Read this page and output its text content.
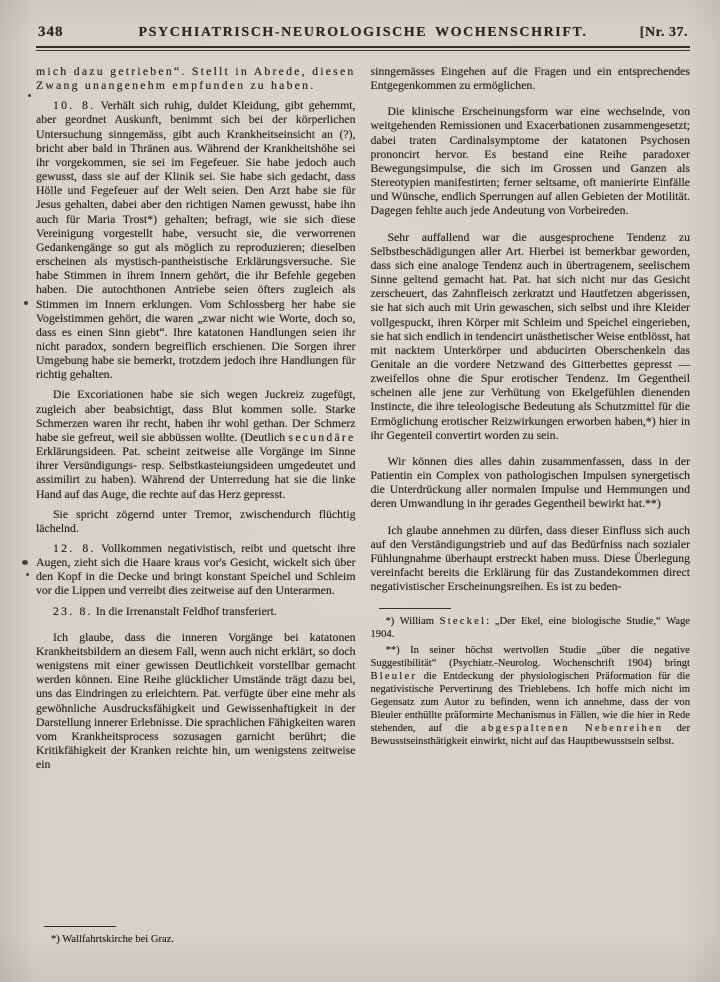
348	PSYCHIATRISCH-NEUROLOGISCHE WOCHENSCHRIFT.	[Nr. 37.

mich dazu getrieben“. Stellt in Abrede, diesen Zwang unangenehm empfunden zu haben.

10. 8. Verhält sich ruhig, duldet Kleidung, gibt gehemmt, aber geordnet Auskunft, benimmt sich bei der körperlichen Untersuchung sinngemäss, gibt auch Krankheitseinsicht an (?), bricht aber bald in Thränen aus. Während der Krankheitshöhe sei ihr vorgekommen, sie sei im Fegefeuer. Sie habe jedoch auch gewusst, dass sie auf der Klinik sei. Sie habe sich gedacht, dass Hölle und Fegefeuer auf der Welt seien. Den Arzt habe sie für Jesus gehalten, dabei aber den richtigen Namen gewusst, habe ihn auch für Maria Trost*) gehalten; befragt, wie sie sich diese Vereinigung vorgestellt habe, versucht sie, die verworrenen Gedankengänge so gut als möglich zu reproduzieren; dieselben erscheinen als mystisch-pantheistische Erklärungsversuche. Sie habe Stimmen in ihrem Innern gehört, die ihr Befehle gegeben haben. Die autochthonen Antriebe seien öfters zugleich als Stimmen im Innern erklungen. Vom Schlossberg her habe sie Vogelstimmen gehört, die waren „zwar nicht wie Worte, doch so, dass es einen Sinn giebt“. Ihre katatonen Handlungen seien ihr nicht paradox, sondern begreiflich erschienen. Die Sorgen ihrer Umgebung habe sie bemerkt, trotzdem jedoch ihre Handlungen für richtig gehalten.

Die Excoriationen habe sie sich wegen Juckreiz zugefügt, zugleich aber beabsichtigt, dass Blut kommen solle. Starke Schmerzen waren ihr recht, haben ihr wohl gethan. Der Schmerz habe sie gefreut, weil sie abbüssen wollte. (Deutlich secundäre Erklärungsideen. Pat. scheint zeitweise alle Vorgänge im Sinne ihrer Versündigungs- resp. Selbstkasteiungsideen umgedeutet und assimilirt zu haben). Während der Unterredung hat sie die linke Hand auf das Auge, die rechte auf das Herz gepresst.

Sie spricht zögernd unter Tremor, zwischendurch flüchtig lächelnd.

12. 8. Vollkommen negativistisch, reibt und quetscht ihre Augen, zieht sich die Haare kraus vor's Gesicht, wickelt sich über den Kopf in die Decke und bringt konstant Speichel und Schleim vor die Lippen und verreibt dies zeitweise auf den Unterarmen.

23. 8. In die Irrenanstalt Feldhof transferiert.

Ich glaube, dass die inneren Vorgänge bei katatonen Krankheitsbildern an diesem Fall, wenn auch nicht erklärt, so doch wenigstens mit einer gewissen Deutlichkeit vorstellbar gemacht werden können. Eine Reihe glücklicher Umstände trägt dazu bei, uns das Eindringen zu erleichtern. Pat. verfügte über eine mehr als gewöhnliche Ausdrucksfähigkeit und Gewissenhaftigkeit in der Darstellung innerer Erlebnisse. Die sprachlichen Fähigkeiten waren vom Krankheitsprocess sozusagen garnicht berührt; die Kritikfähigkeit der Kranken reichte hin, um wenigstens zeitweise ein

*) Wallfahrtskirche bei Graz.

sinngemässes Eingehen auf die Fragen und ein entsprechendes Entgegenkommen zu ermöglichen.

Die klinische Erscheinungsform war eine wechselnde, von weitgehenden Remissionen und Exacerbationen zusammengesetzt; dabei traten Cardinalsymptome der katatonen Psychosen prononcirt hervor. Es bestand eine Reihe paradoxer Bewegungsimpulse, die sich im Grossen und Ganzen als Stereotypien manifestirten; ferner seltsame, oft manierirte Einfälle und Wünsche, endlich Sperrungen auf allen Gebieten der Motilität. Dagegen fehlte auch jede Andeutung von Vorbeireden.

Sehr auffallend war die ausgesprochene Tendenz zu Selbstbeschädigungen aller Art. Hierbei ist bemerkbar geworden, dass sich eine analoge Tendenz auch in übertragenem, seelischem Sinne geltend gemacht hat. Pat. hat sich nicht nur das Gesicht zerscheuert, das Zahnfleisch zerkratzt und Hautfetzen abgerissen, sie hat sich auch mit Urin gewaschen, sich selbst und ihre Kleider vollgespuckt, ihren Körper mit Schleim und Speichel eingerieben, sie hat sich endlich in tendencirt unästhetischer Weise entblösst, hat mit nacktem Unterkörper und abducirten Oberschenkeln das Genitale an die vordere Netzwand des Gitterbettes gepresst — zweifellos ohne die Spur erotischer Tendenz. Im Gegentheil scheinen alle jene zur Verhütung von Ekelgefühlen dienenden Instincte, die ihre teleologische Bedeutung als Schutzmittel für die Ermöglichung erotischer Reizwirkungen erworben haben,*) hier in ihr Gegenteil convertirt worden zu sein.

Wir können dies alles dahin zusammenfassen, dass in der Patientin ein Complex von pathologischen Impulsen synergetisch die Unterdrückung aller normalen Impulse und Hemmungen und deren Umwandlung in ihr gerades Gegentheil bewirkt hat.**)

Ich glaube annehmen zu dürfen, dass dieser Einfluss sich auch auf den Verständigungstrieb und auf das Bedürfniss nach sozialer Fühlungnahme überhaupt erstreckt haben muss. Diese Überlegung vereinfacht bereits die Erklärung für das Zustandekommen direct negativistischer Erscheinungsreihen. Es ist zu beden-

*) William Steckel: „Der Ekel, eine biologische Studie,“ Wage 1904.

**) In seiner höchst wertvollen Studie „über die negative Suggestibilität“ (Psychiatr.-Neurolog. Wochenschrift 1904) bringt Bleuler die Entdeckung der physiologischen Präformation für die negativistische Pervertirung des Trieblebens. Ich hoffe mich nicht im Gegensatz zum Autor zu befinden, wenn ich annehme, dass der von Bleuler enthüllte präformirte Mechanismus in Fällen, wie die hier in Rede stehenden, auf die abgespaltenen Nebenreihen der Bewusstseinsthätigkeit einwirkt, nicht auf das Hauptbewusstsein selbst.
